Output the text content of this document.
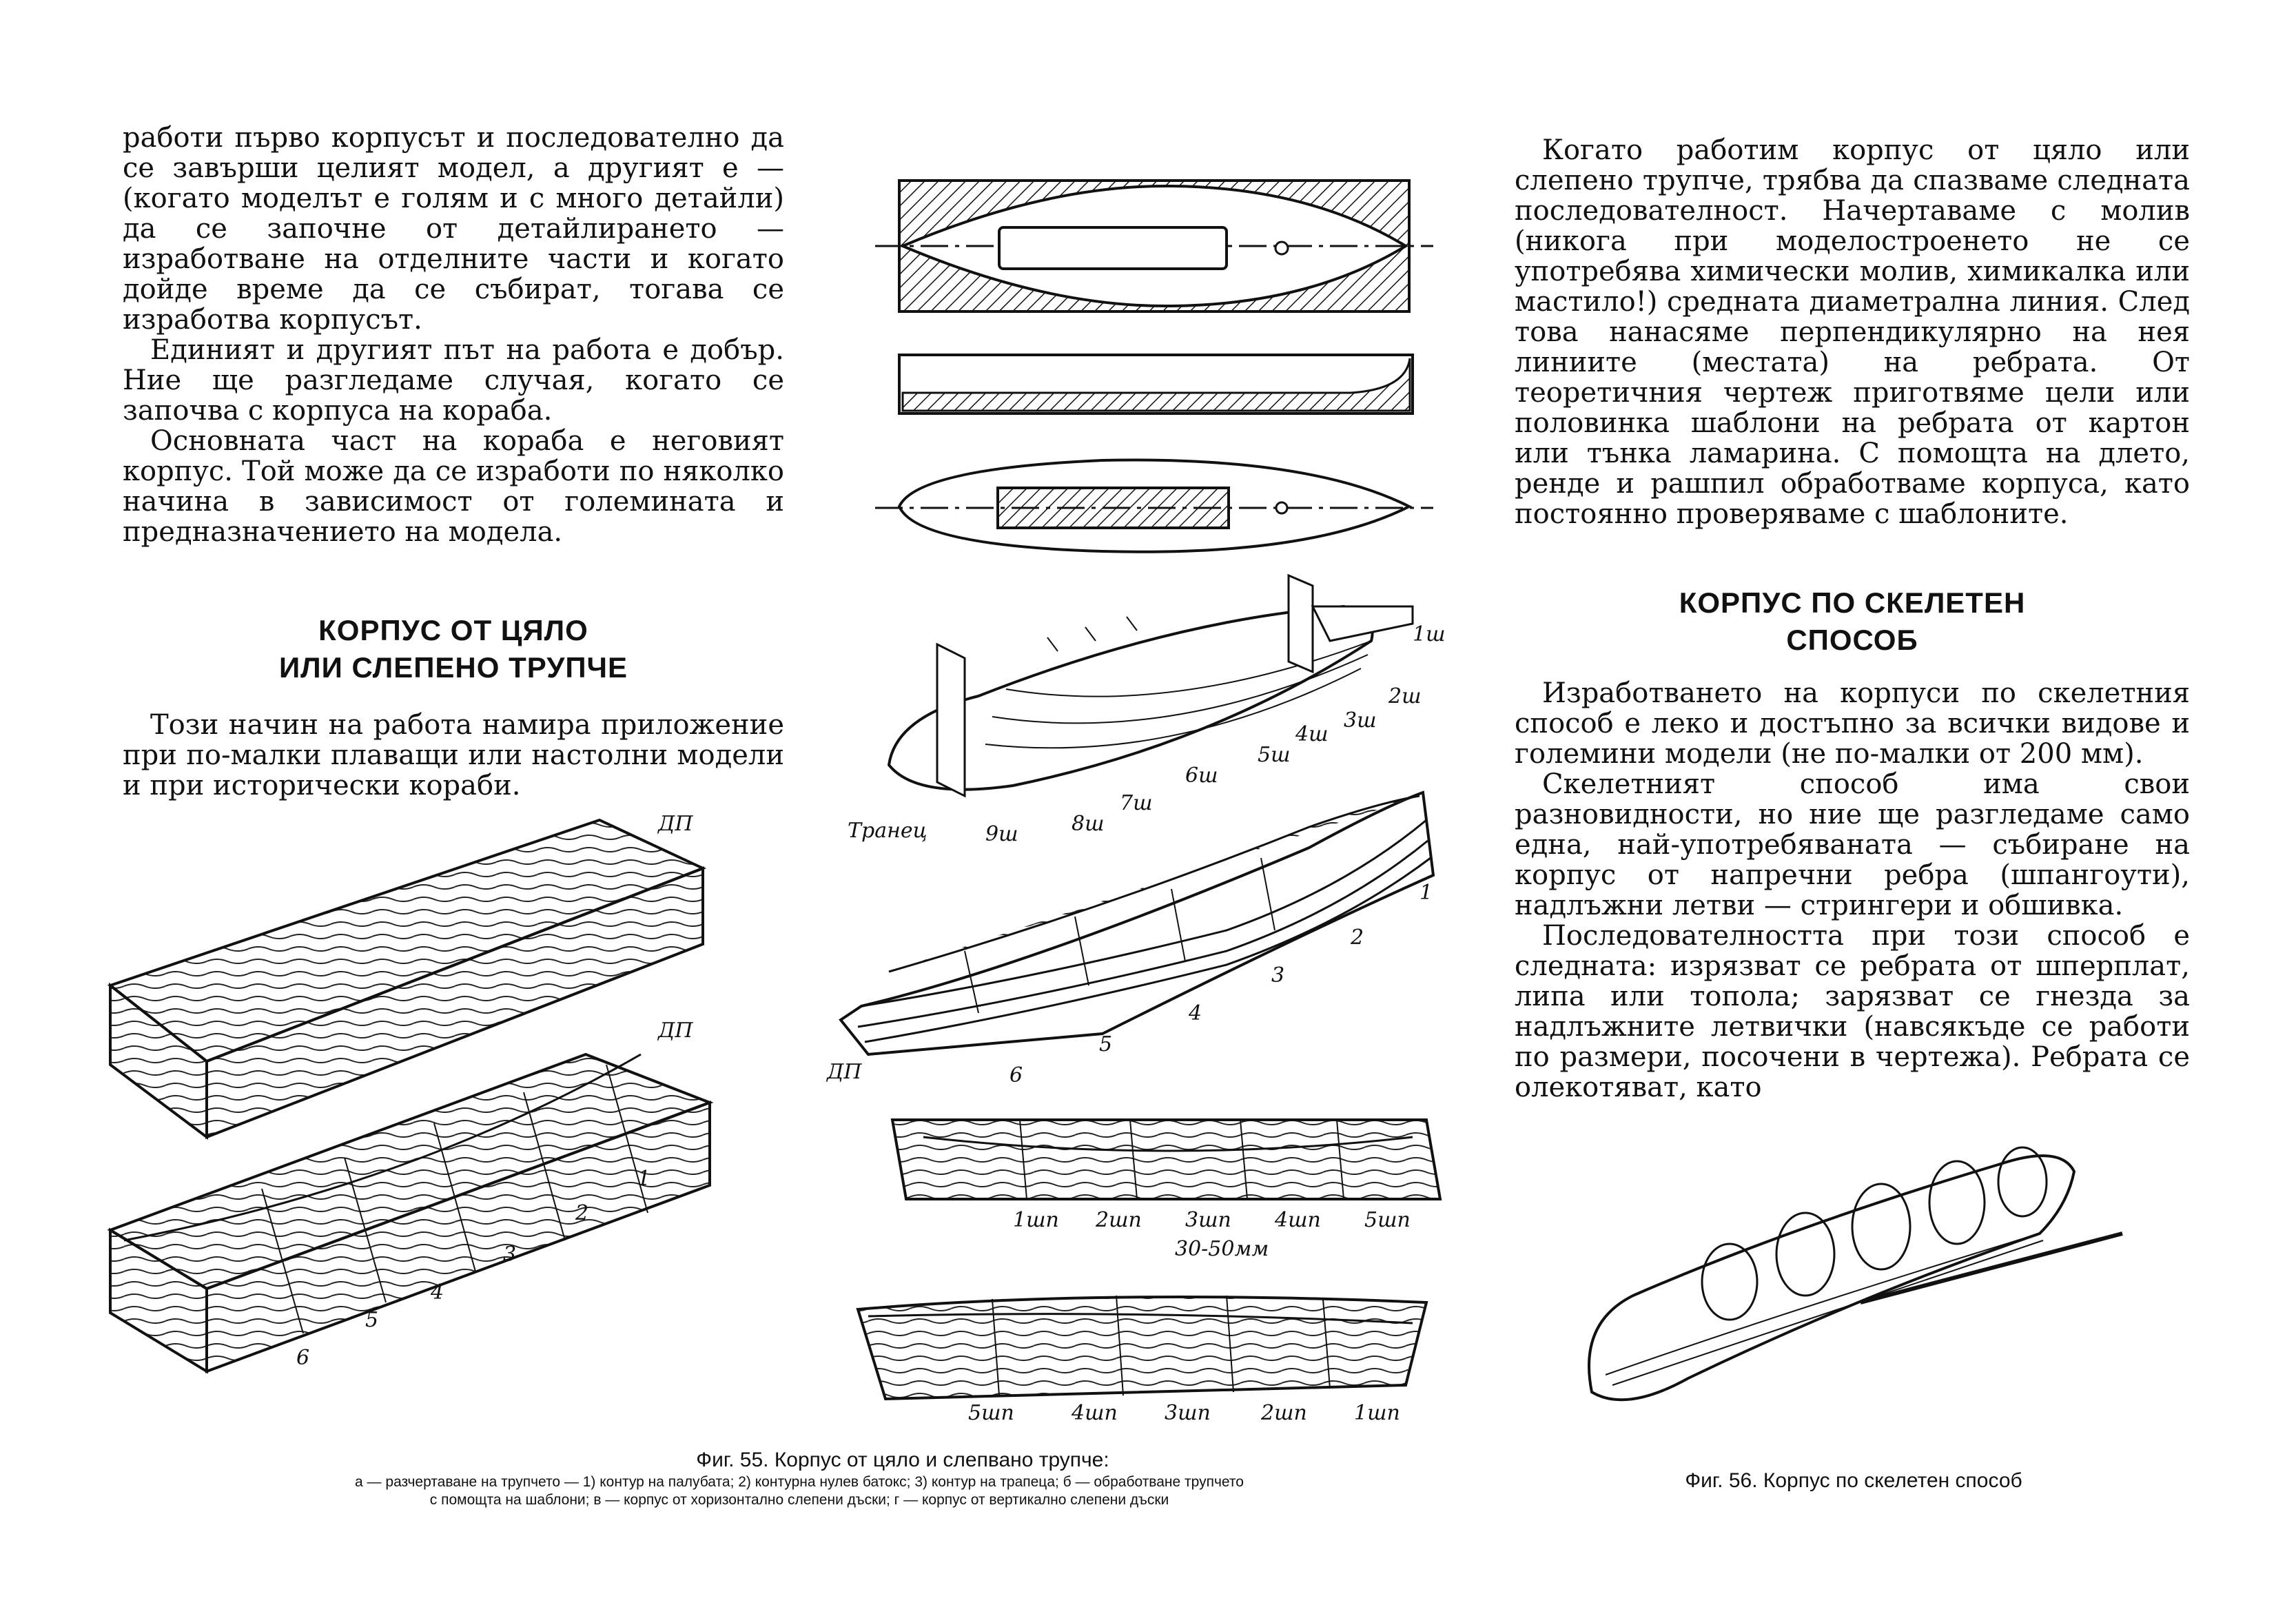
работи първо корпусът и последователно да се завърши целият модел, а другият е — (когато моделът е голям и с много детайли) да се започне от детайлирането — изработване на отделните части и когато дойде време да се събират, тогава се изработва корпусът.

Единият и другият път на работа е добър. Ние ще разгледаме случая, когато се започва с корпуса на кораба.

Основната част на кораба е неговият корпус. Той може да се изработи по няколко начина в зависимост от големината и предназначението на модела.

КОРПУС ОТ ЦЯЛО
ИЛИ СЛЕПЕНО ТРУПЧЕ

Този начин на работа намира приложение при по-малки плаващи или настолни модели и при исторически кораби.

Когато работим корпус от цяло или слепено трупче, трябва да спазваме следната последователност. Начертаваме с молив (никога при моделостроенето не се употребява химически молив, химикалка или мастило!) средната диаметрална линия. След това нанасяме перпендикулярно на нея линиите (местата) на ребрата. От теоретичния чертеж приготвяме цели или половинка шаблони на ребрата от картон или тънка ламарина. С помощта на длето, ренде и рашпил обработваме корпуса, като постоянно проверяваме с шаблоните.

КОРПУС ПО СКЕЛЕТЕН
СПОСОБ

Изработването на корпуси по скелетния способ е леко и достъпно за всички видове и големини модели (не по-малки от 200 мм).

Скелетният способ има свои разновидности, но ние ще разгледаме само една, най-употребяваната — събиране на корпус от напречни ребра (шпангоути), надлъжни летви — стрингери и обшивка.

Последователността при този способ е следната: изрязват се ребрата от шперплат, липа или топола; зарязват се гнезда за надлъжните летвички (навсякъде се работи по размери, посочени в чертежа). Ребрата се олекотяват, като

ДП
ДП
ДП
1
2
3
4
5
6
1ш
2ш
3ш
4ш
5ш
6ш
7ш
8ш
9ш
Транец
1
2
3
4
5
6
1шп 2шп 3шп 4шп 5шп
30-50мм
5шп	4шп 3шп 2шп 1шп
Фиг. 55. Корпус от цяло и слепвано трупче:
а — разчертаване на трупчето — 1) контур на палубата; 2) контурна нулев батокс; 3) контур на трапеца; б — обработване трупчето
с помощта на шаблони; в — корпус от хоризонтално слепени дъски; г — корпус от вертикално слепени дъски
Фиг. 56. Корпус по скелетен способ
